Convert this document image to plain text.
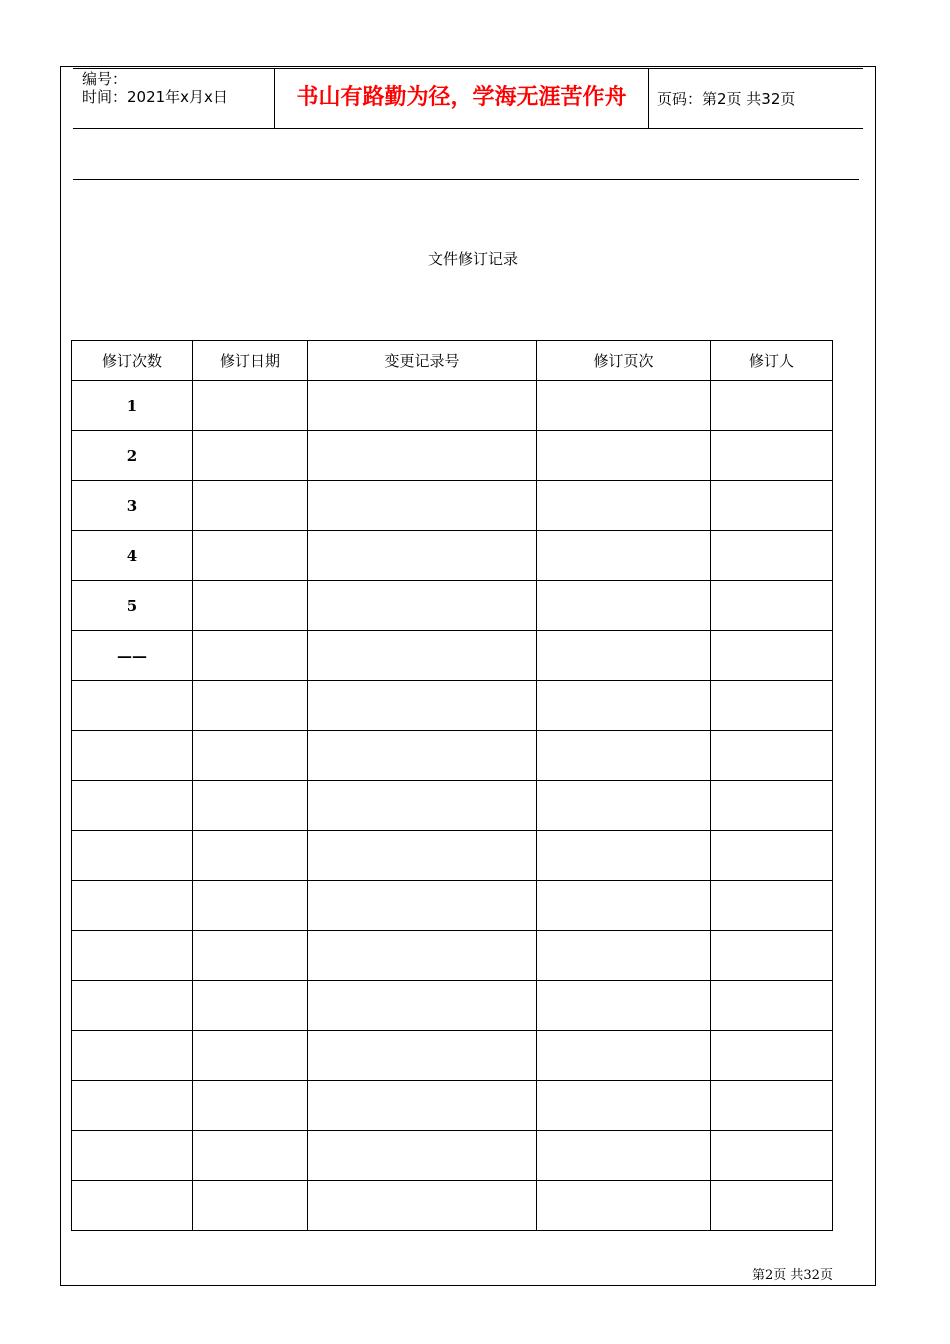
编号：
时间：2021年x月x日	书山有路勤为径，学海无涯苦作舟	页码：第2页 共32页
文件修订记录
修订次数	修订日期	变更记录号	修订页次	修订人
1				
2				
3				
4				
5				
——				

第2页 共32页
